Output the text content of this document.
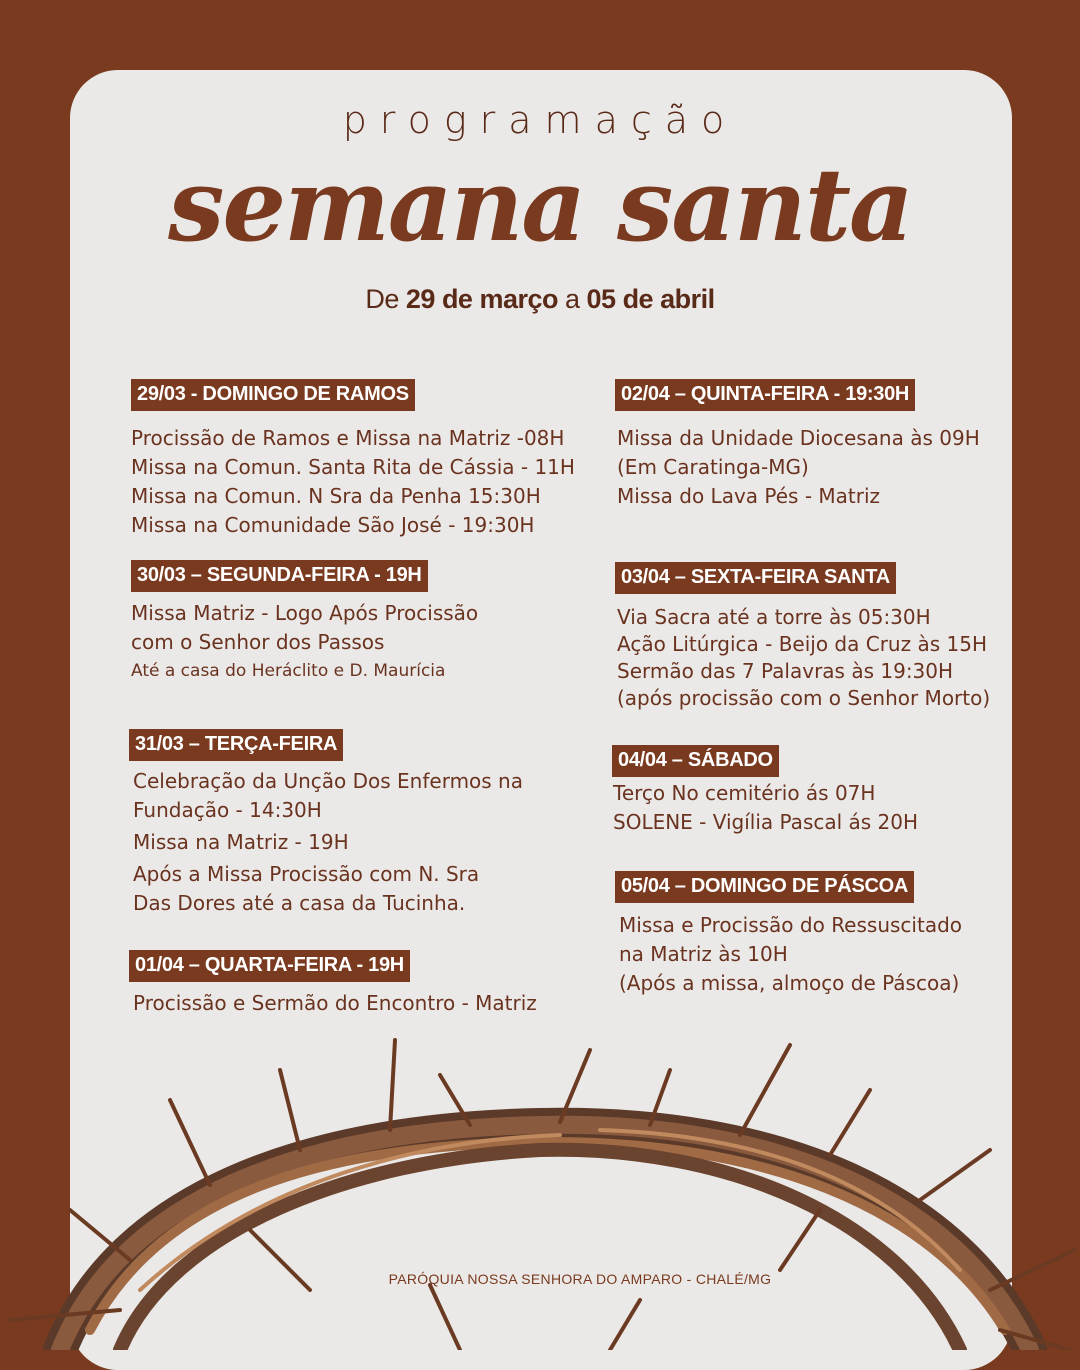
programação
semana santa
De 29 de março a 05 de abril
29/03 - DOMINGO DE RAMOS
Procissão de Ramos e Missa na Matriz -08H
Missa na Comun. Santa Rita de Cássia - 11H
Missa na Comun. N Sra da Penha 15:30H
Missa na Comunidade São José - 19:30H
30/03 – SEGUNDA-FEIRA - 19H
Missa Matriz - Logo Após Procissão
com o Senhor dos Passos
Até a casa do Heráclito e D. Maurícia
31/03 – TERÇA-FEIRA
Celebração da Unção Dos Enfermos na
Fundação - 14:30H
Missa na Matriz - 19H
Após a Missa Procissão com N. Sra
Das Dores até a casa da Tucinha.
01/04 – QUARTA-FEIRA - 19H
Procissão e Sermão do Encontro - Matriz
02/04 – QUINTA-FEIRA - 19:30H
Missa da Unidade Diocesana às 09H
(Em Caratinga-MG)
Missa do Lava Pés - Matriz
03/04 – SEXTA-FEIRA SANTA
Via Sacra até a torre às 05:30H
Ação Litúrgica - Beijo da Cruz às 15H
Sermão das 7 Palavras às 19:30H
(após procissão com o Senhor Morto)
04/04 – SÁBADO
Terço No cemitério ás 07H
SOLENE - Vigília Pascal ás 20H
05/04 – DOMINGO DE PÁSCOA
Missa e Procissão do Ressuscitado
na Matriz às 10H
(Após a missa, almoço de Páscoa)
PARÓQUIA NOSSA SENHORA DO AMPARO - CHALÉ/MG
